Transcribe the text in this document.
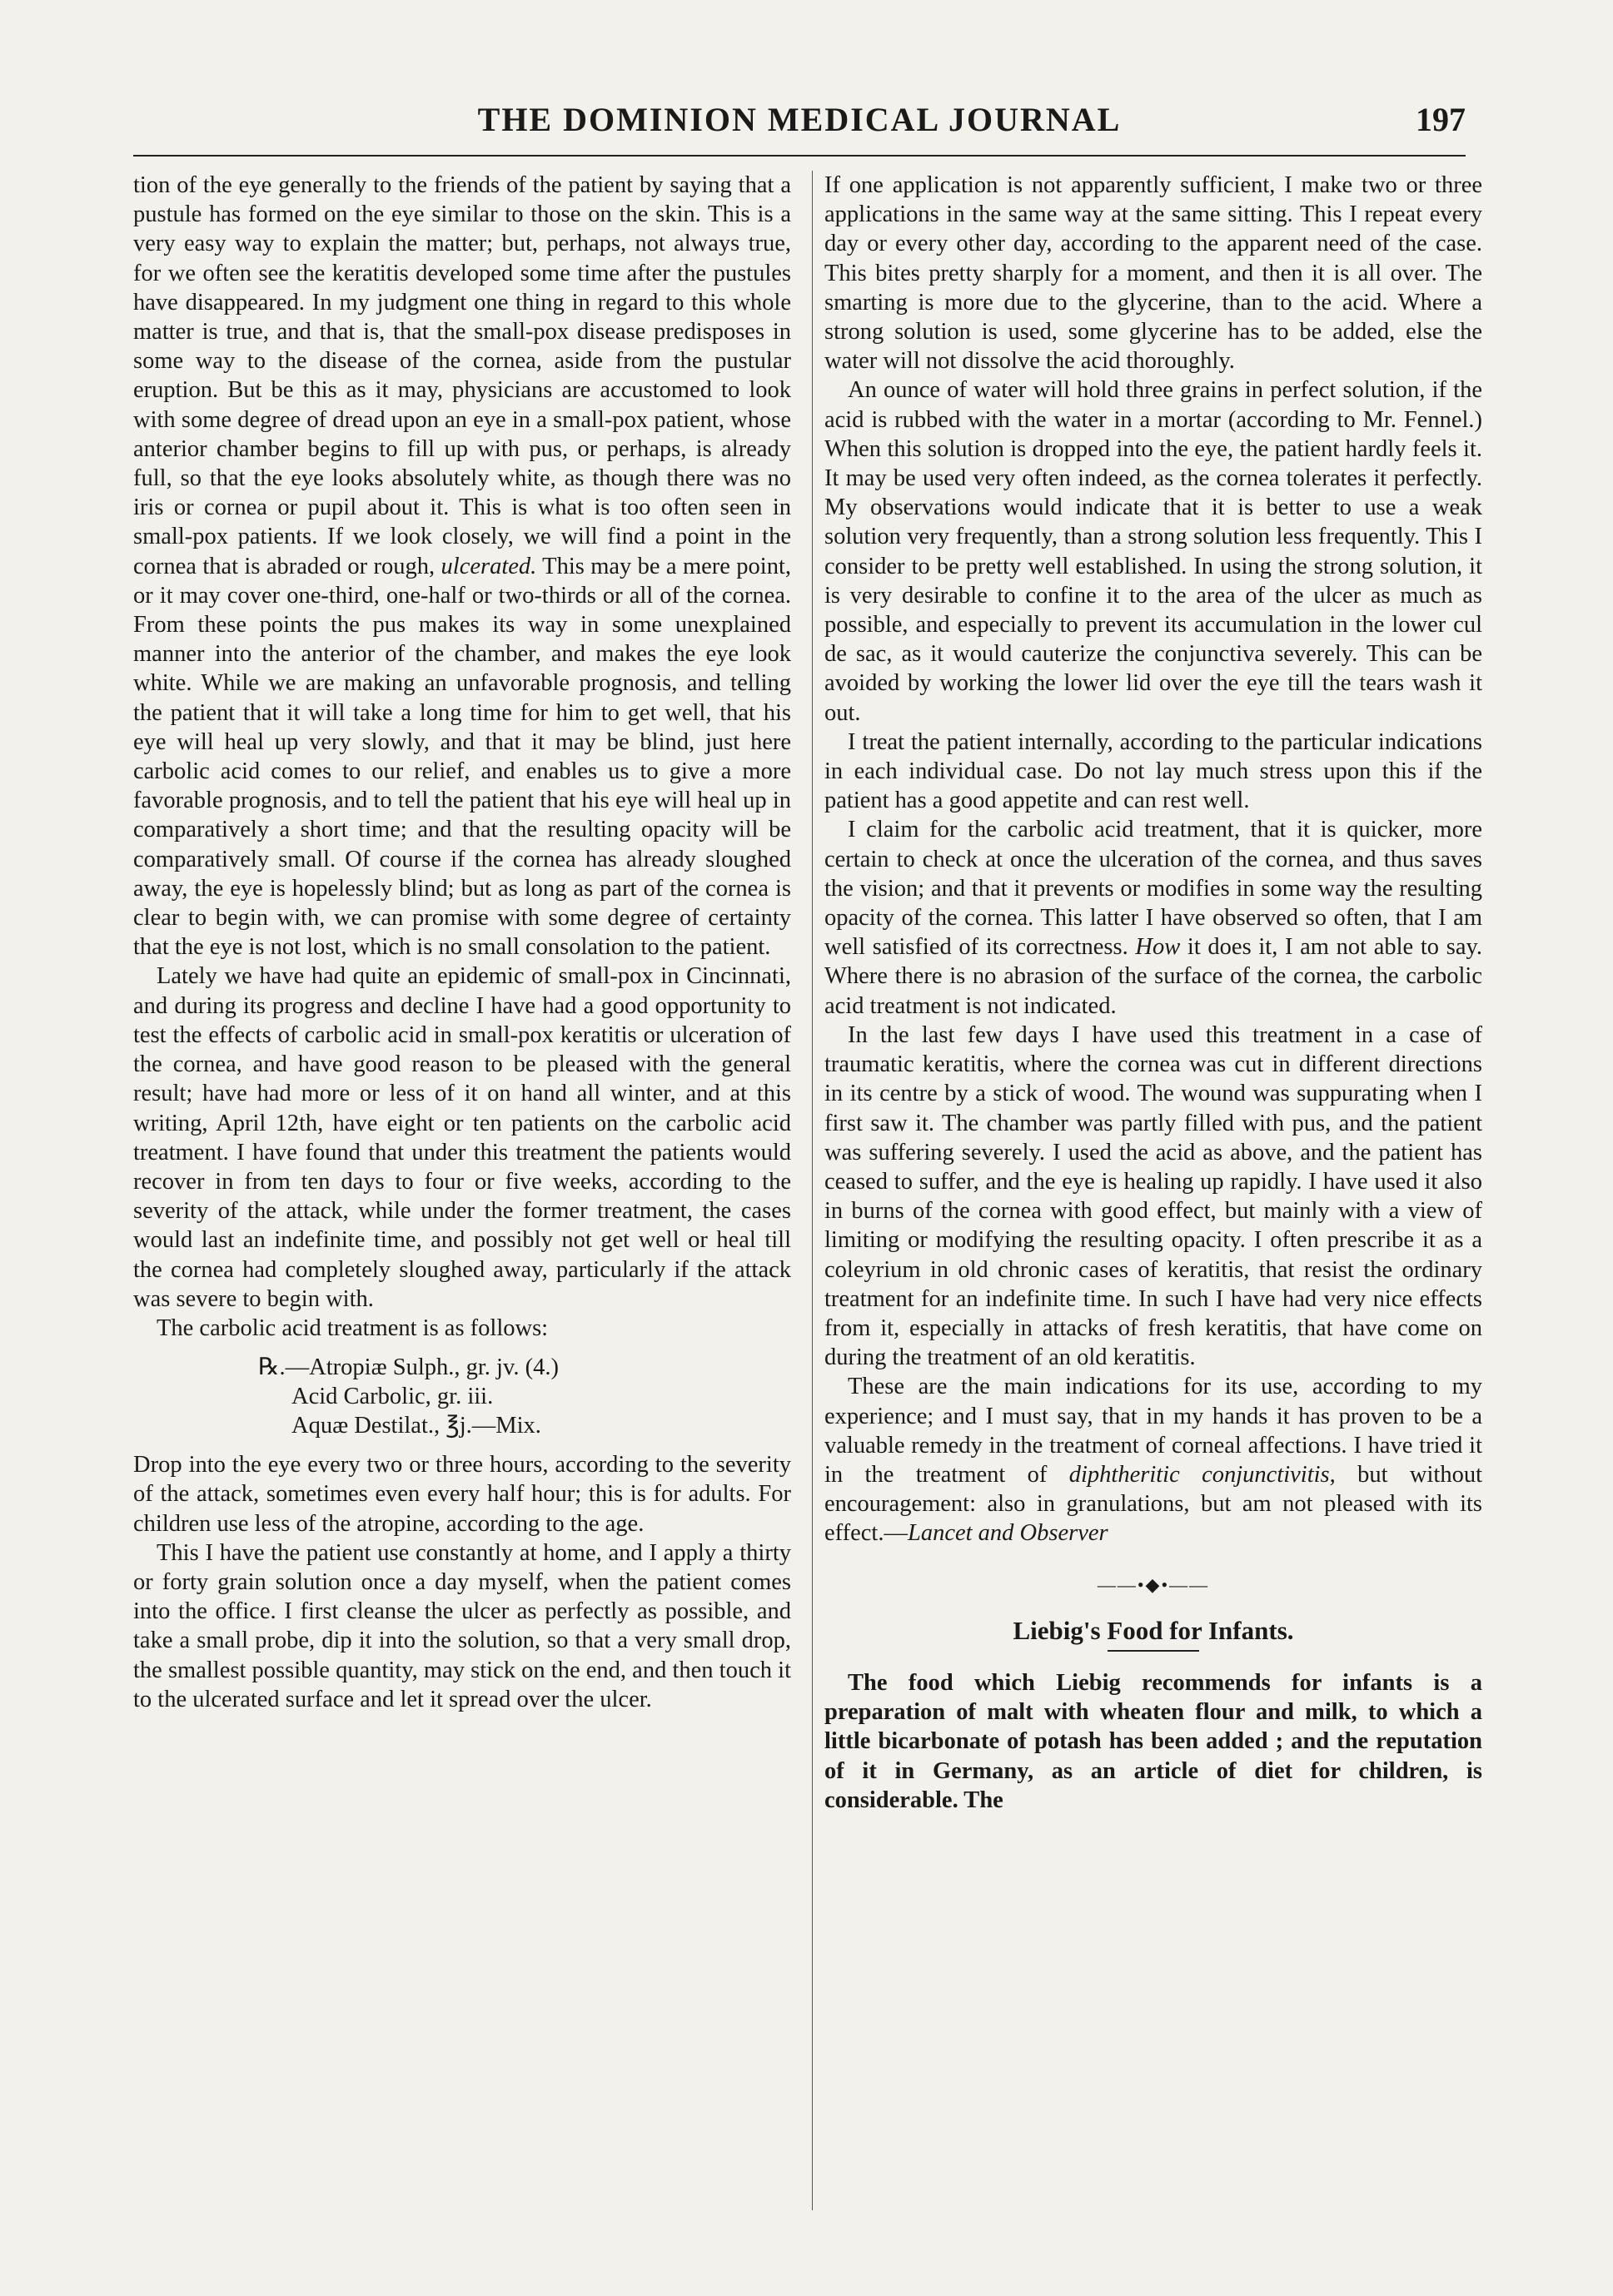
THE DOMINION MEDICAL JOURNAL	197

tion of the eye generally to the friends of the patient by saying that a pustule has formed on the eye similar to those on the skin. This is a very easy way to explain the matter; but, perhaps, not always true, for we often see the keratitis developed some time after the pustules have disappeared. In my judgment one thing in regard to this whole matter is true, and that is, that the small-pox disease predisposes in some way to the disease of the cornea, aside from the pustular eruption. But be this as it may, physicians are accustomed to look with some degree of dread upon an eye in a small-pox patient, whose anterior chamber begins to fill up with pus, or perhaps, is already full, so that the eye looks absolutely white, as though there was no iris or cornea or pupil about it. This is what is too often seen in small-pox patients. If we look closely, we will find a point in the cornea that is abraded or rough, ulcerated. This may be a mere point, or it may cover one-third, one-half or two-thirds or all of the cornea. From these points the pus makes its way in some unexplained manner into the anterior of the chamber, and makes the eye look white. While we are making an unfavorable prognosis, and telling the patient that it will take a long time for him to get well, that his eye will heal up very slowly, and that it may be blind, just here carbolic acid comes to our relief, and enables us to give a more favorable prognosis, and to tell the patient that his eye will heal up in comparatively a short time; and that the resulting opacity will be comparatively small. Of course if the cornea has already sloughed away, the eye is hopelessly blind; but as long as part of the cornea is clear to begin with, we can promise with some degree of certainty that the eye is not lost, which is no small consolation to the patient.

Lately we have had quite an epidemic of small-pox in Cincinnati, and during its progress and decline I have had a good opportunity to test the effects of carbolic acid in small-pox keratitis or ulceration of the cornea, and have good reason to be pleased with the general result; have had more or less of it on hand all winter, and at this writing, April 12th, have eight or ten patients on the carbolic acid treatment. I have found that under this treatment the patients would recover in from ten days to four or five weeks, according to the severity of the attack, while under the former treatment, the cases would last an indefinite time, and possibly not get well or heal till the cornea had completely sloughed away, particularly if the attack was severe to begin with.

The carbolic acid treatment is as follows:

℞.—Atropiæ Sulph., gr. jv. (4.)
Acid Carbolic, gr. iii.
Aquæ Destilat., ℥j.—Mix.

Drop into the eye every two or three hours, according to the severity of the attack, sometimes even every half hour; this is for adults. For children use less of the atropine, according to the age.

This I have the patient use constantly at home, and I apply a thirty or forty grain solution once a day myself, when the patient comes into the office. I first cleanse the ulcer as perfectly as possible, and take a small probe, dip it into the solution, so that a very small drop, the smallest possible quantity, may stick on the end, and then touch it to the ulcerated surface and let it spread over the ulcer.

If one application is not apparently sufficient, I make two or three applications in the same way at the same sitting. This I repeat every day or every other day, according to the apparent need of the case. This bites pretty sharply for a moment, and then it is all over. The smarting is more due to the glycerine, than to the acid. Where a strong solution is used, some glycerine has to be added, else the water will not dissolve the acid thoroughly.

An ounce of water will hold three grains in perfect solution, if the acid is rubbed with the water in a mortar (according to Mr. Fennel.) When this solution is dropped into the eye, the patient hardly feels it. It may be used very often indeed, as the cornea tolerates it perfectly. My observations would indicate that it is better to use a weak solution very frequently, than a strong solution less frequently. This I consider to be pretty well established. In using the strong solution, it is very desirable to confine it to the area of the ulcer as much as possible, and especially to prevent its accumulation in the lower cul de sac, as it would cauterize the conjunctiva severely. This can be avoided by working the lower lid over the eye till the tears wash it out.

I treat the patient internally, according to the particular indications in each individual case. Do not lay much stress upon this if the patient has a good appetite and can rest well.

I claim for the carbolic acid treatment, that it is quicker, more certain to check at once the ulceration of the cornea, and thus saves the vision; and that it prevents or modifies in some way the resulting opacity of the cornea. This latter I have observed so often, that I am well satisfied of its correctness. How it does it, I am not able to say. Where there is no abrasion of the surface of the cornea, the carbolic acid treatment is not indicated.

In the last few days I have used this treatment in a case of traumatic keratitis, where the cornea was cut in different directions in its centre by a stick of wood. The wound was suppurating when I first saw it. The chamber was partly filled with pus, and the patient was suffering severely. I used the acid as above, and the patient has ceased to suffer, and the eye is healing up rapidly. I have used it also in burns of the cornea with good effect, but mainly with a view of limiting or modifying the resulting opacity. I often prescribe it as a coleyrium in old chronic cases of keratitis, that resist the ordinary treatment for an indefinite time. In such I have had very nice effects from it, especially in attacks of fresh keratitis, that have come on during the treatment of an old keratitis.

These are the main indications for its use, according to my experience; and I must say, that in my hands it has proven to be a valuable remedy in the treatment of corneal affections. I have tried it in the treatment of diphtheritic conjunctivitis, but without encouragement: also in granulations, but am not pleased with its effect.—Lancet and Observer

——•◆•——
Liebig's Food for Infants.

The food which Liebig recommends for infants is a preparation of malt with wheaten flour and milk, to which a little bicarbonate of potash has been added ; and the reputation of it in Germany, as an article of diet for children, is considerable. The
